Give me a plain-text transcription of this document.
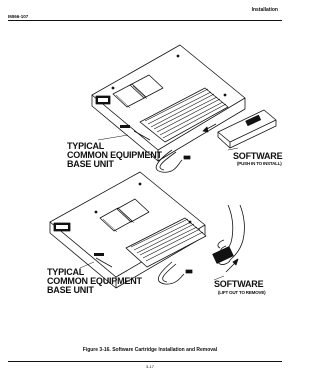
Installation
IMI66-107
TYPICAL
COMMON EQUIPMENT
BASE UNIT
SOFTWARE
(PUSH IN TO INSTALL)
TYPICAL
COMMON EQUIPMENT
BASE UNIT
SOFTWARE
(LIFT OUT TO REMOVE)
Figure 3-16. Software Cartridge Installation and Removal
3-17
